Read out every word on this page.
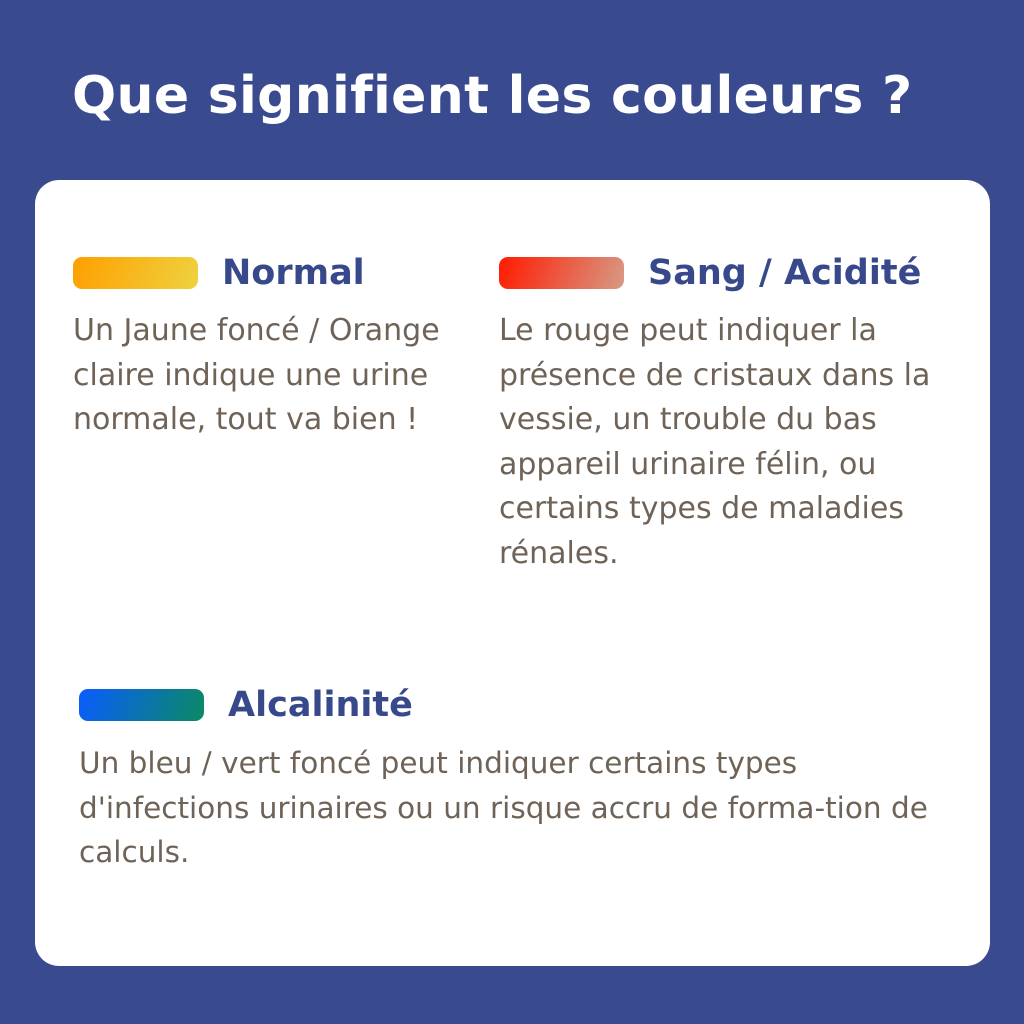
Que signifient les couleurs ?
Normal

Un Jaune foncé / Orange claire indique une urine normale, tout va bien !

Sang / Acidité

Le rouge peut indiquer la présence de cristaux dans la vessie, un trouble du bas appareil urinaire félin, ou certains types de maladies rénales.

Alcalinité

Un bleu / vert foncé peut indiquer certains types d'infections urinaires ou un risque accru de forma-tion de calculs.
